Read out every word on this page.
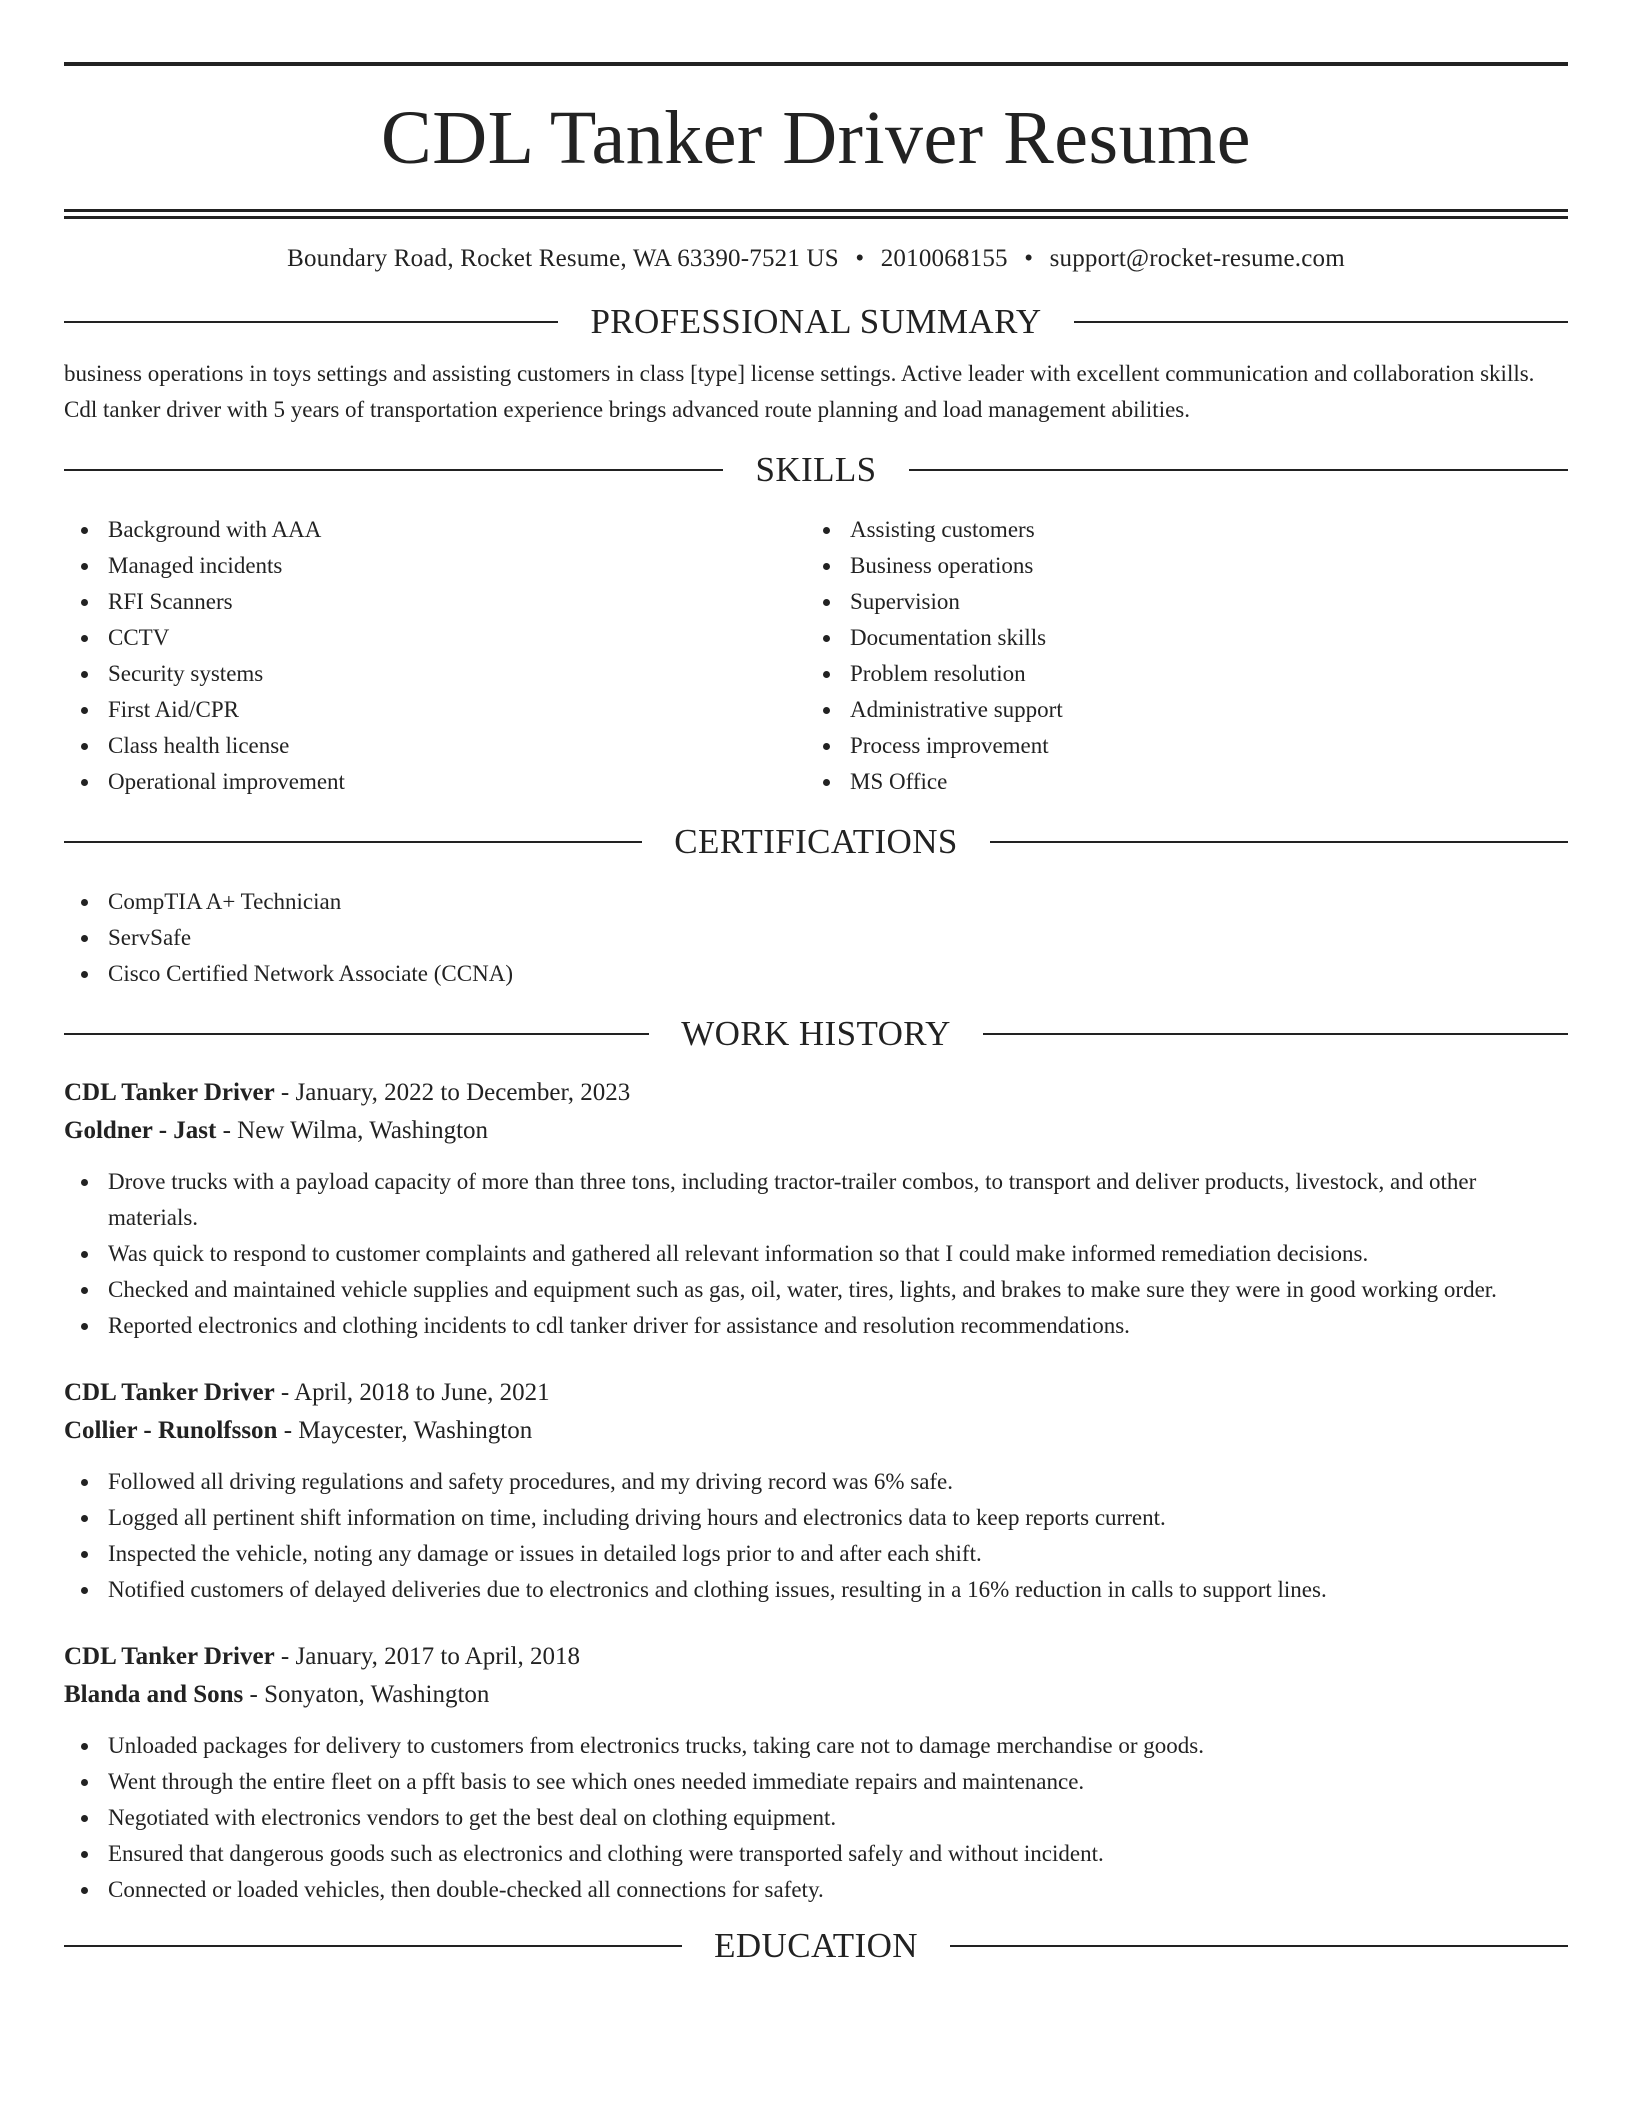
CDL Tanker Driver Resume
Boundary Road, Rocket Resume, WA 63390-7521 US • 2010068155 • support@rocket-resume.com
PROFESSIONAL SUMMARY

business operations in toys settings and assisting customers in class [type] license settings. Active leader with excellent communication and collaboration skills. Cdl tanker driver with 5 years of transportation experience brings advanced route planning and load management abilities.

SKILLS
Background with AAA
Managed incidents
RFI Scanners
CCTV
Security systems
First Aid/CPR
Class health license
Operational improvement
Assisting customers
Business operations
Supervision
Documentation skills
Problem resolution
Administrative support
Process improvement
MS Office
CERTIFICATIONS
CompTIA A+ Technician
ServSafe
Cisco Certified Network Associate (CCNA)
WORK HISTORY
CDL Tanker Driver - January, 2022 to December, 2023
Goldner - Jast - New Wilma, Washington
Drove trucks with a payload capacity of more than three tons, including tractor-trailer combos, to transport and deliver products, livestock, and other materials.
Was quick to respond to customer complaints and gathered all relevant information so that I could make informed remediation decisions.
Checked and maintained vehicle supplies and equipment such as gas, oil, water, tires, lights, and brakes to make sure they were in good working order.
Reported electronics and clothing incidents to cdl tanker driver for assistance and resolution recommendations.
CDL Tanker Driver - April, 2018 to June, 2021
Collier - Runolfsson - Maycester, Washington
Followed all driving regulations and safety procedures, and my driving record was 6% safe.
Logged all pertinent shift information on time, including driving hours and electronics data to keep reports current.
Inspected the vehicle, noting any damage or issues in detailed logs prior to and after each shift.
Notified customers of delayed deliveries due to electronics and clothing issues, resulting in a 16% reduction in calls to support lines.
CDL Tanker Driver - January, 2017 to April, 2018
Blanda and Sons - Sonyaton, Washington
Unloaded packages for delivery to customers from electronics trucks, taking care not to damage merchandise or goods.
Went through the entire fleet on a pfft basis to see which ones needed immediate repairs and maintenance.
Negotiated with electronics vendors to get the best deal on clothing equipment.
Ensured that dangerous goods such as electronics and clothing were transported safely and without incident.
Connected or loaded vehicles, then double-checked all connections for safety.
EDUCATION
